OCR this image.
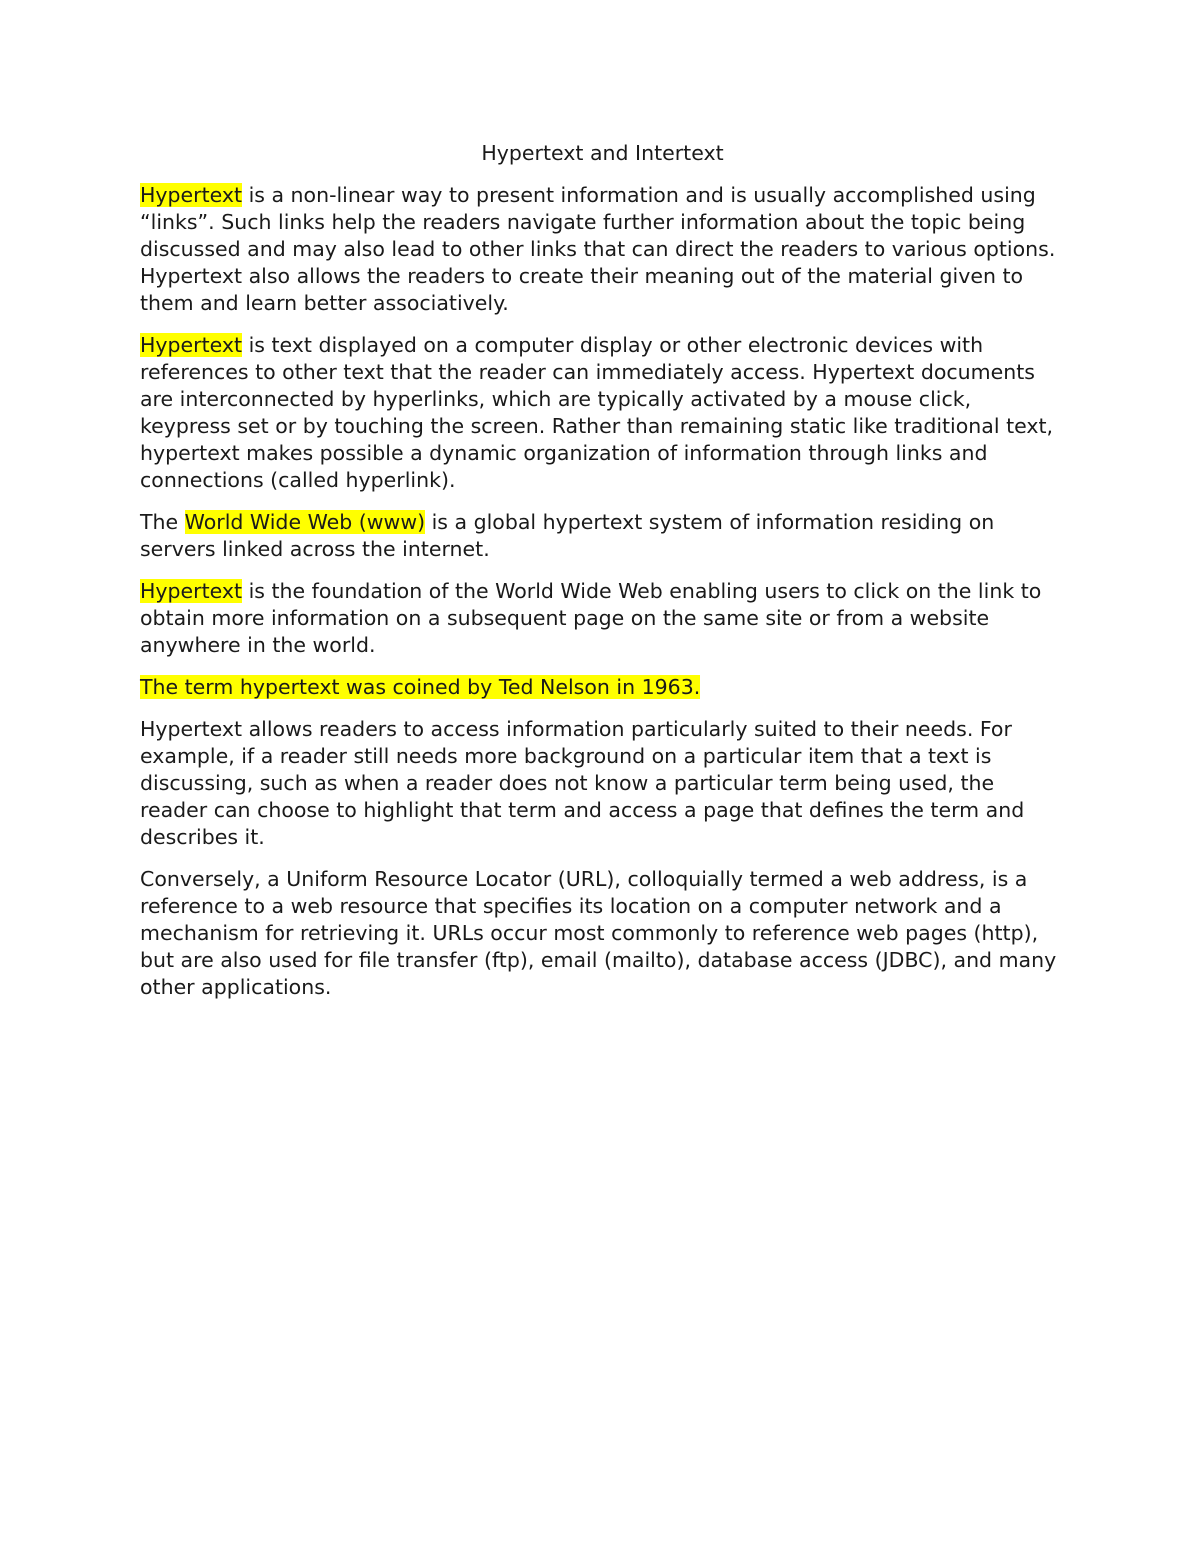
Hypertext and Intertext

Hypertext is a non-linear way to present information and is usually accomplished using “links”. Such links help the readers navigate further information about the topic being discussed and may also lead to other links that can direct the readers to various options. Hypertext also allows the readers to create their meaning out of the material given to them and learn better associatively.

Hypertext is text displayed on a computer display or other electronic devices with references to other text that the reader can immediately access. Hypertext documents are interconnected by hyperlinks, which are typically activated by a mouse click, keypress set or by touching the screen. Rather than remaining static like traditional text, hypertext makes possible a dynamic organization of information through links and connections (called hyperlink).

The World Wide Web (www) is a global hypertext system of information residing on servers linked across the internet.

Hypertext is the foundation of the World Wide Web enabling users to click on the link to obtain more information on a subsequent page on the same site or from a website anywhere in the world.

The term hypertext was coined by Ted Nelson in 1963.

Hypertext allows readers to access information particularly suited to their needs. For example, if a reader still needs more background on a particular item that a text is discussing, such as when a reader does not know a particular term being used, the reader can choose to highlight that term and access a page that defines the term and describes it.

Conversely, a Uniform Resource Locator (URL), colloquially termed a web address, is a reference to a web resource that specifies its location on a computer network and a mechanism for retrieving it. URLs occur most commonly to reference web pages (http), but are also used for file transfer (ftp), email (mailto), database access (JDBC), and many other applications.
